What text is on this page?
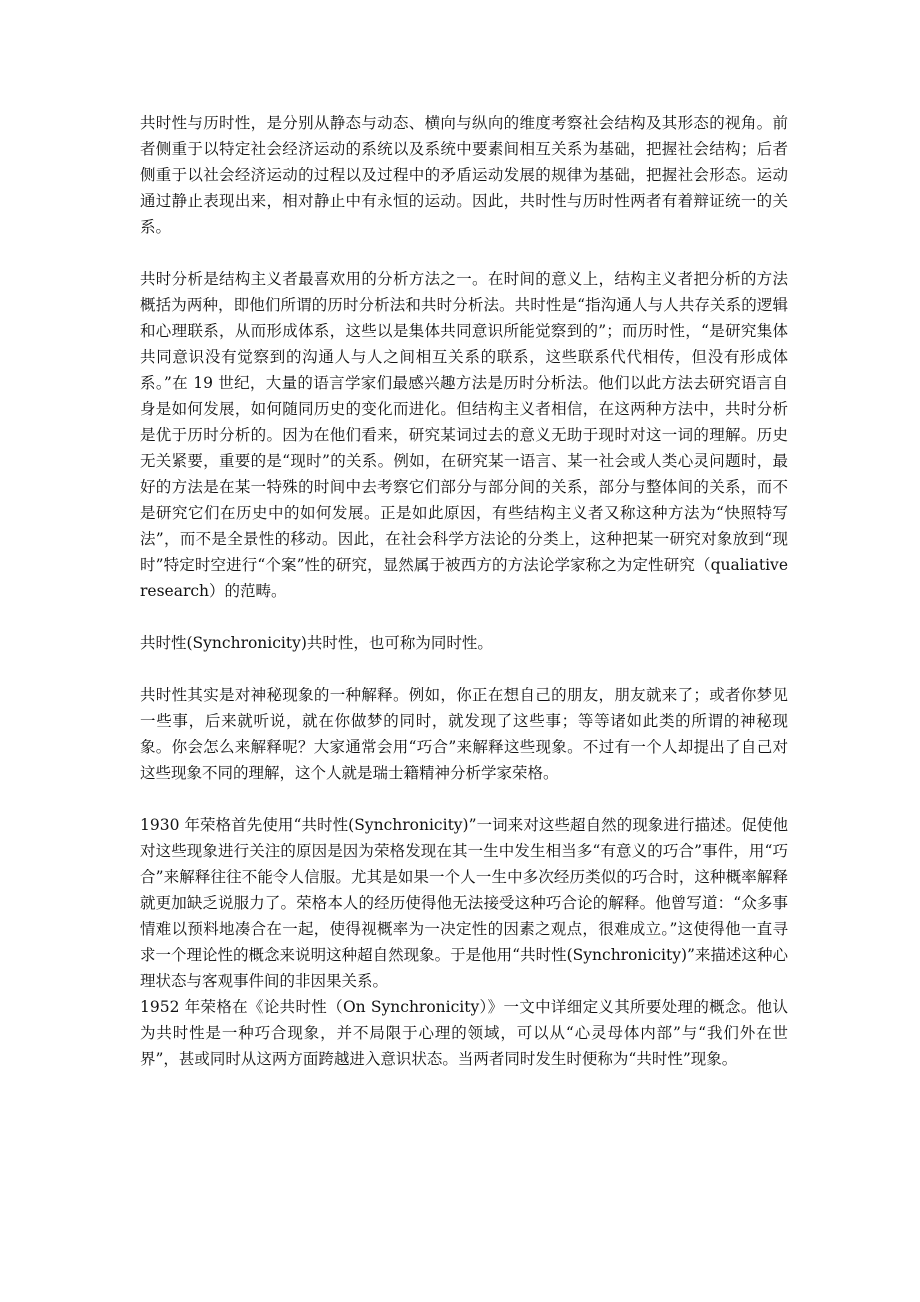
共时性与历时性，是分别从静态与动态、横向与纵向的维度考察社会结构及其形态的视角。前者侧重于以特定社会经济运动的系统以及系统中要素间相互关系为基础，把握社会结构；后者侧重于以社会经济运动的过程以及过程中的矛盾运动发展的规律为基础，把握社会形态。运动通过静止表现出来，相对静止中有永恒的运动。因此，共时性与历时性两者有着辩证统一的关系。

共时分析是结构主义者最喜欢用的分析方法之一。在时间的意义上，结构主义者把分析的方法概括为两种，即他们所谓的历时分析法和共时分析法。共时性是“指沟通人与人共存关系的逻辑和心理联系，从而形成体系，这些以是集体共同意识所能觉察到的”；而历时性，“是研究集体共同意识没有觉察到的沟通人与人之间相互关系的联系，这些联系代代相传，但没有形成体系。”在 19 世纪，大量的语言学家们最感兴趣方法是历时分析法。他们以此方法去研究语言自身是如何发展，如何随同历史的变化而进化。但结构主义者相信，在这两种方法中，共时分析是优于历时分析的。因为在他们看来，研究某词过去的意义无助于现时对这一词的理解。历史无关紧要，重要的是“现时”的关系。例如，在研究某一语言、某一社会或人类心灵问题时，最好的方法是在某一特殊的时间中去考察它们部分与部分间的关系，部分与整体间的关系，而不是研究它们在历史中的如何发展。正是如此原因，有些结构主义者又称这种方法为“快照特写法”，而不是全景性的移动。因此，在社会科学方法论的分类上，这种把某一研究对象放到“现时”特定时空进行“个案”性的研究，显然属于被西方的方法论学家称之为定性研究（qualiative research）的范畴。

共时性(Synchronicity)共时性，也可称为同时性。

共时性其实是对神秘现象的一种解释。例如，你正在想自己的朋友，朋友就来了；或者你梦见一些事，后来就听说，就在你做梦的同时，就发现了这些事；等等诸如此类的所谓的神秘现象。你会怎么来解释呢？大家通常会用“巧合”来解释这些现象。不过有一个人却提出了自己对这些现象不同的理解，这个人就是瑞士籍精神分析学家荣格。

1930 年荣格首先使用“共时性(Synchronicity)”一词来对这些超自然的现象进行描述。促使他对这些现象进行关注的原因是因为荣格发现在其一生中发生相当多“有意义的巧合”事件，用“巧合”来解释往往不能令人信服。尤其是如果一个人一生中多次经历类似的巧合时，这种概率解释就更加缺乏说服力了。荣格本人的经历使得他无法接受这种巧合论的解释。他曾写道：“众多事情难以预料地凑合在一起，使得视概率为一决定性的因素之观点，很难成立。”这使得他一直寻求一个理论性的概念来说明这种超自然现象。于是他用“共时性(Synchronicity)”来描述这种心理状态与客观事件间的非因果关系。

1952 年荣格在《论共时性（On Synchronicity）》一文中详细定义其所要处理的概念。他认为共时性是一种巧合现象，并不局限于心理的领域，可以从“心灵母体内部”与“我们外在世界”，甚或同时从这两方面跨越进入意识状态。当两者同时发生时便称为“共时性”现象。
